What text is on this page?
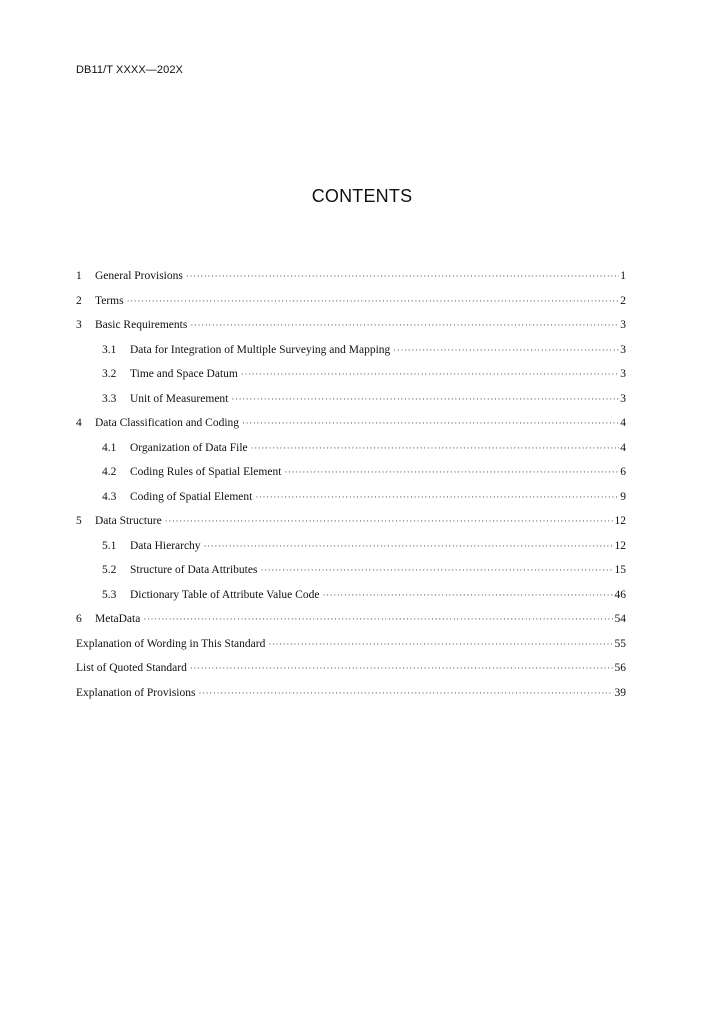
DB11/T XXXX—202X
CONTENTS
1	General Provisions ·····	1
2	Terms ·····	2
3	Basic Requirements ·····	3
3.1	Data for Integration of Multiple Surveying and Mapping ·····	3
3.2	Time and Space Datum ·····	3
3.3	Unit of Measurement ·····	3
4	Data Classification and Coding ·····	4
4.1	Organization of Data File ·····	4
4.2	Coding Rules of Spatial Element ·····	6
4.3	Coding of Spatial Element ·····	9
5	Data Structure ·····	12
5.1	Data Hierarchy ·····	12
5.2	Structure of Data Attributes ·····	15
5.3	Dictionary Table of Attribute Value Code ·····	46
6	MetaData ·····	54
Explanation of Wording in This Standard ·····	55
List of Quoted Standard ·····	56
Explanation of Provisions ·····	39
